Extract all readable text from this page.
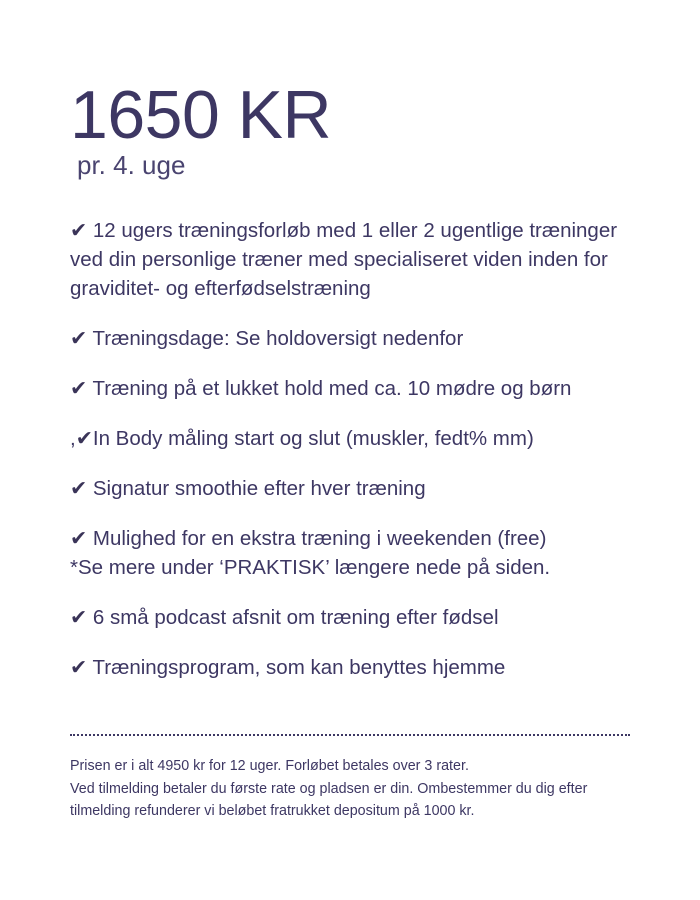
1650 KR
pr. 4. uge
✔ 12 ugers træningsforløb med 1 eller 2 ugentlige træninger ved din personlige træner med specialiseret viden inden for graviditet- og efterfødselstræning
✔ Træningsdage: Se holdoversigt nedenfor
✔ Træning på et lukket hold med ca. 10 mødre og børn
,✔In Body måling start og slut (muskler, fedt% mm)
✔ Signatur smoothie efter hver træning
✔ Mulighed for en ekstra træning i weekenden (free)
*Se mere under ‘PRAKTISK’ længere nede på siden.
✔ 6 små podcast afsnit om træning efter fødsel
✔ Træningsprogram, som kan benyttes hjemme
Prisen er i alt 4950 kr for 12 uger. Forløbet betales over 3 rater.
Ved tilmelding betaler du første rate og pladsen er din. Ombestemmer du dig efter tilmelding refunderer vi beløbet fratrukket depositum på 1000 kr.
